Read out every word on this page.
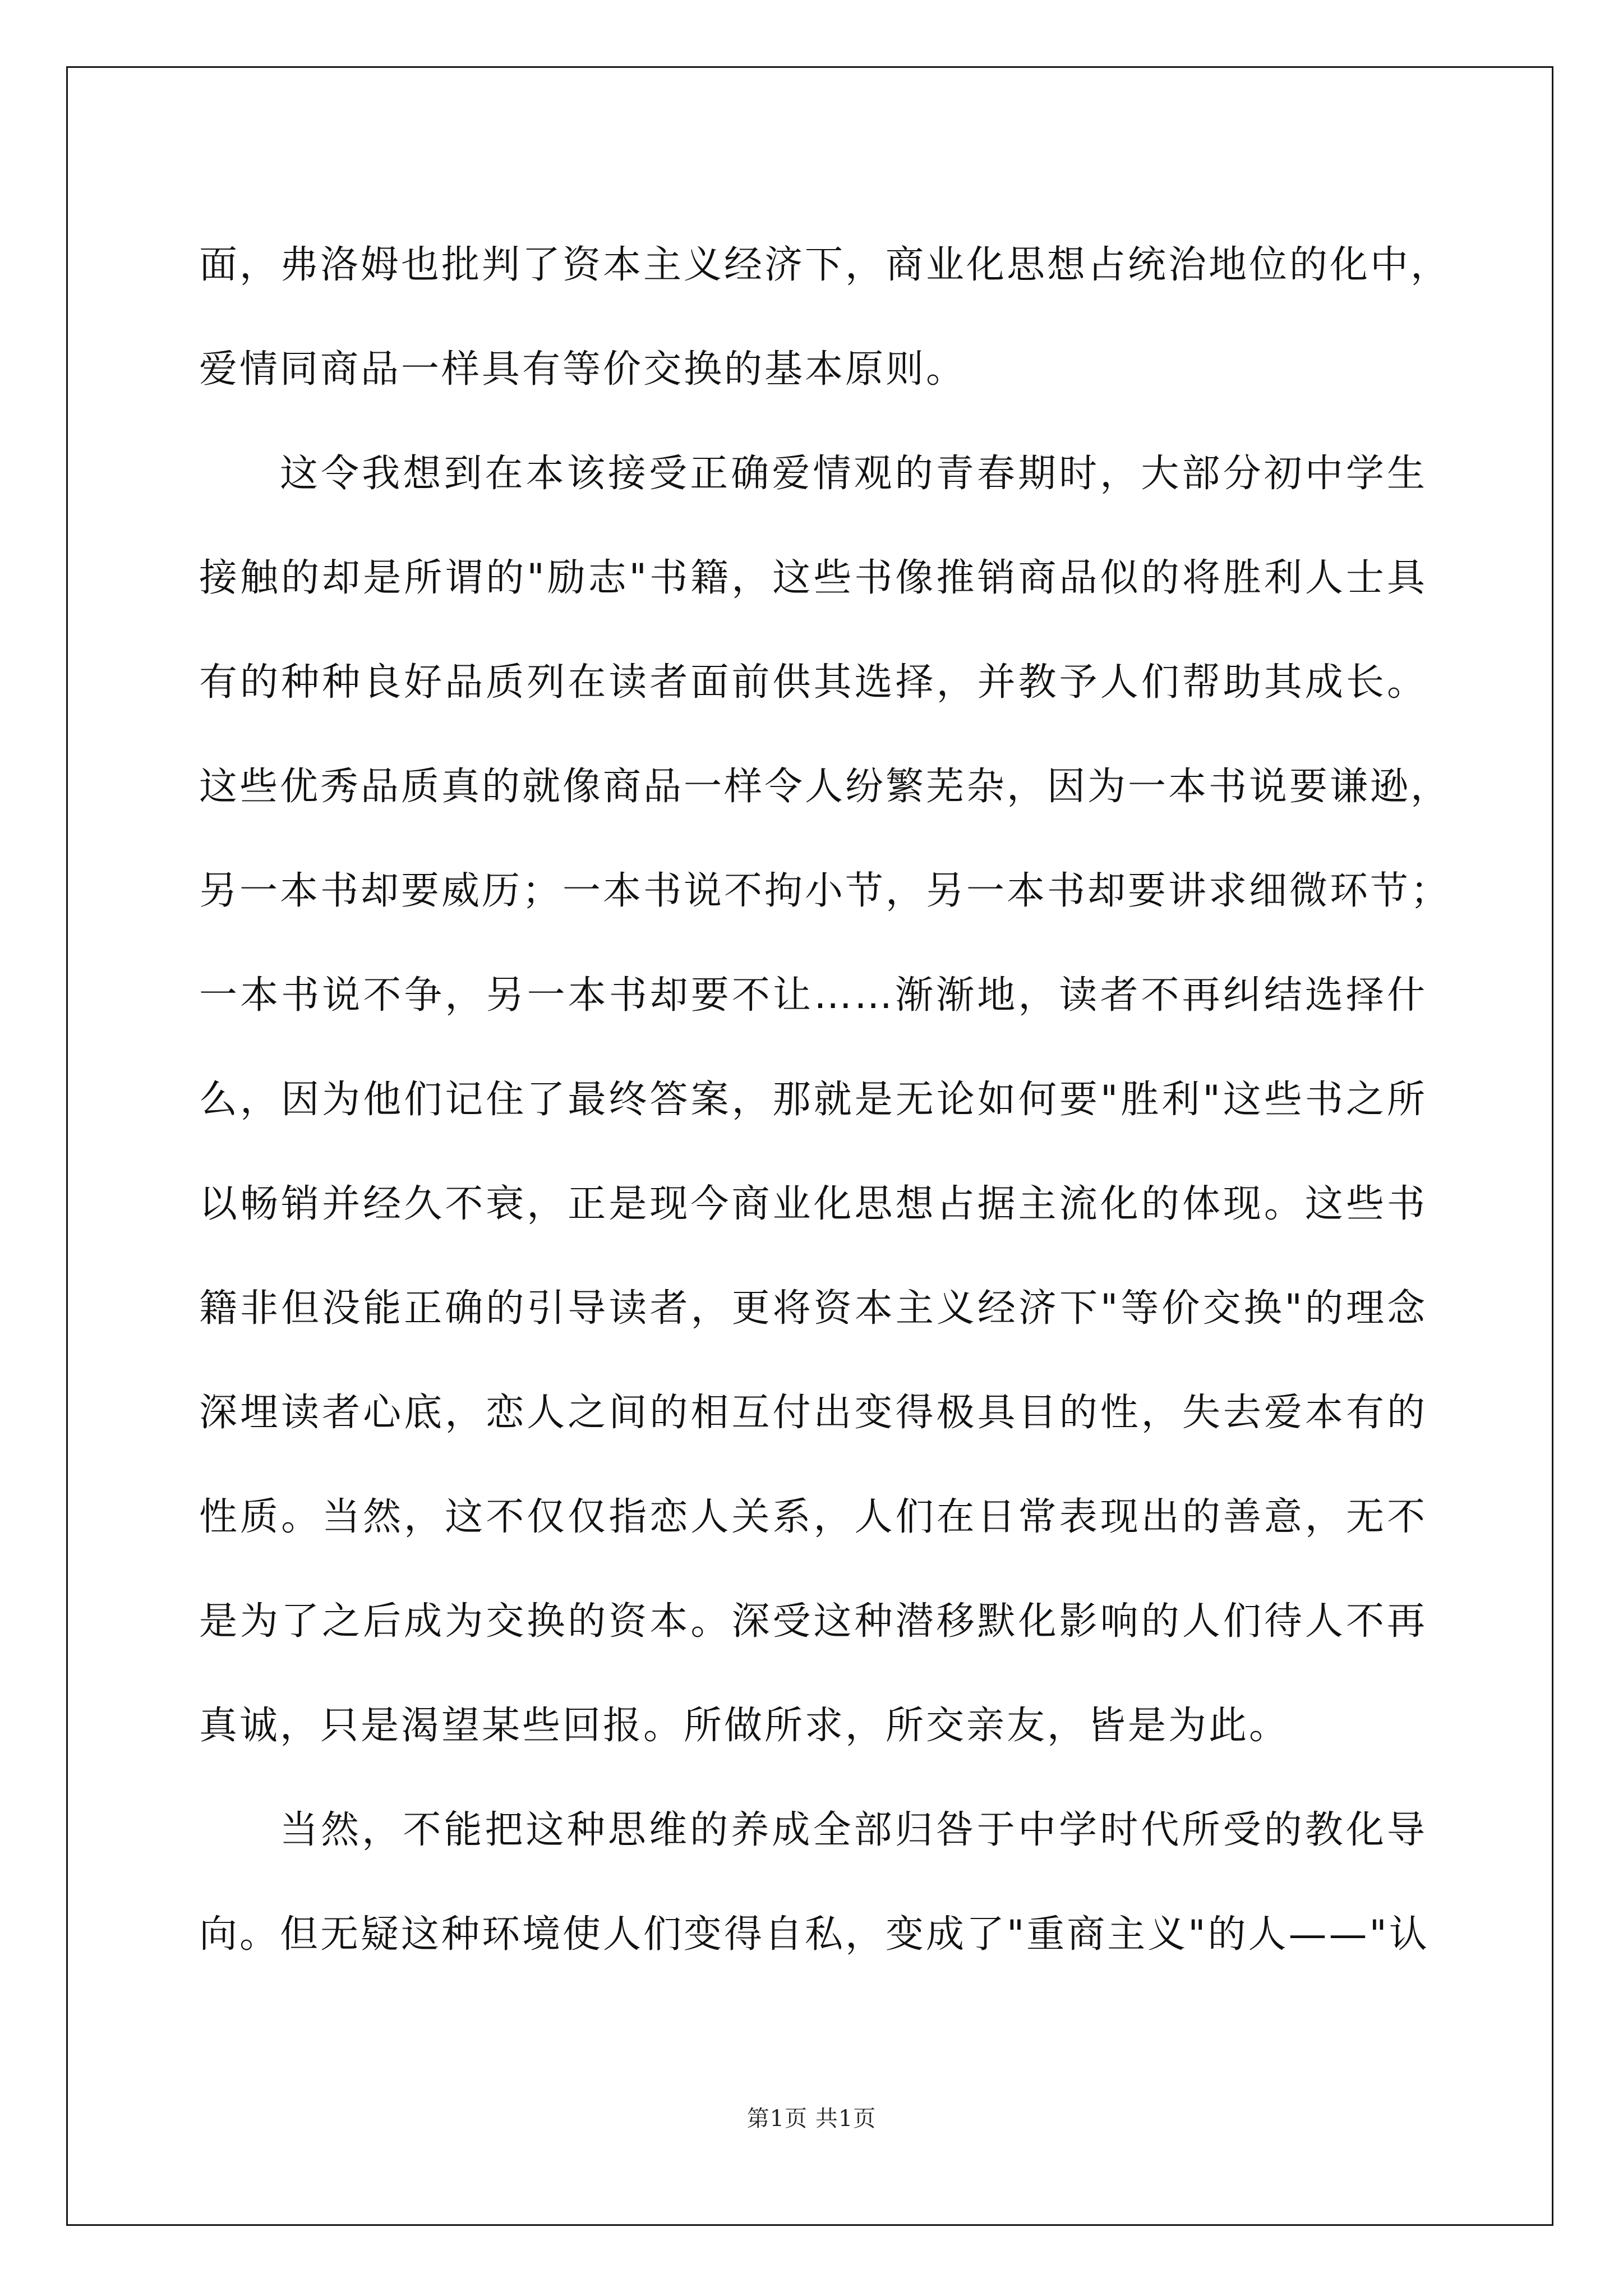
面，弗洛姆也批判了资本主义经济下，商业化思想占统治地位的化中，
爱情同商品一样具有等价交换的基本原则。

这令我想到在本该接受正确爱情观的青春期时，大部分初中学生
接触的却是所谓的"励志"书籍，这些书像推销商品似的将胜利人士具
有的种种良好品质列在读者面前供其选择，并教予人们帮助其成长。
这些优秀品质真的就像商品一样令人纷繁芜杂，因为一本书说要谦逊，
另一本书却要威历；一本书说不拘小节，另一本书却要讲求细微环节；
一本书说不争，另一本书却要不让……渐渐地，读者不再纠结选择什
么，因为他们记住了最终答案，那就是无论如何要"胜利"这些书之所
以畅销并经久不衰，正是现今商业化思想占据主流化的体现。这些书
籍非但没能正确的引导读者，更将资本主义经济下"等价交换"的理念
深埋读者心底，恋人之间的相互付出变得极具目的性，失去爱本有的
性质。当然，这不仅仅指恋人关系，人们在日常表现出的善意，无不
是为了之后成为交换的资本。深受这种潜移默化影响的人们待人不再
真诚，只是渴望某些回报。所做所求，所交亲友，皆是为此。

当然，不能把这种思维的养成全部归咎于中学时代所受的教化导
向。但无疑这种环境使人们变得自私，变成了"重商主义"的人——"认

第1页 共1页
